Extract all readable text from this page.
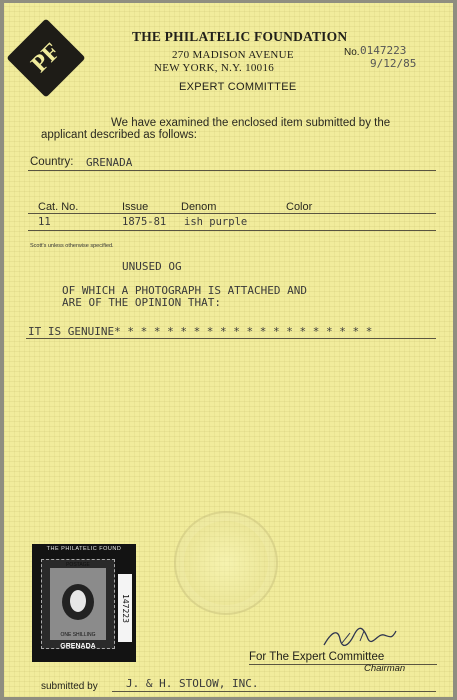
PF
THE PHILATELIC FOUNDATION
270 MADISON AVENUE
NEW YORK, N.Y. 10016
EXPERT COMMITTEE
No. 0147223
9/12/85
We have examined the enclosed item submitted by the
applicant described as follows:
Country: GRENADA
Cat. No.	Issue	Denom	Color
11	1875-81 ish purple
Scott's unless otherwise specified.
UNUSED OG
OF WHICH A PHOTOGRAPH IS ATTACHED AND
ARE OF THE OPINION THAT:
IT IS GENUINE* * * * * * * * * * * * * * * * * * * *
THE PHILATELIC FOUND
POSTAGE
ONE SHILLING
GRENADA
147223
For The Expert Committee
Chairman
submitted by	J. & H. STOLOW, INC.
